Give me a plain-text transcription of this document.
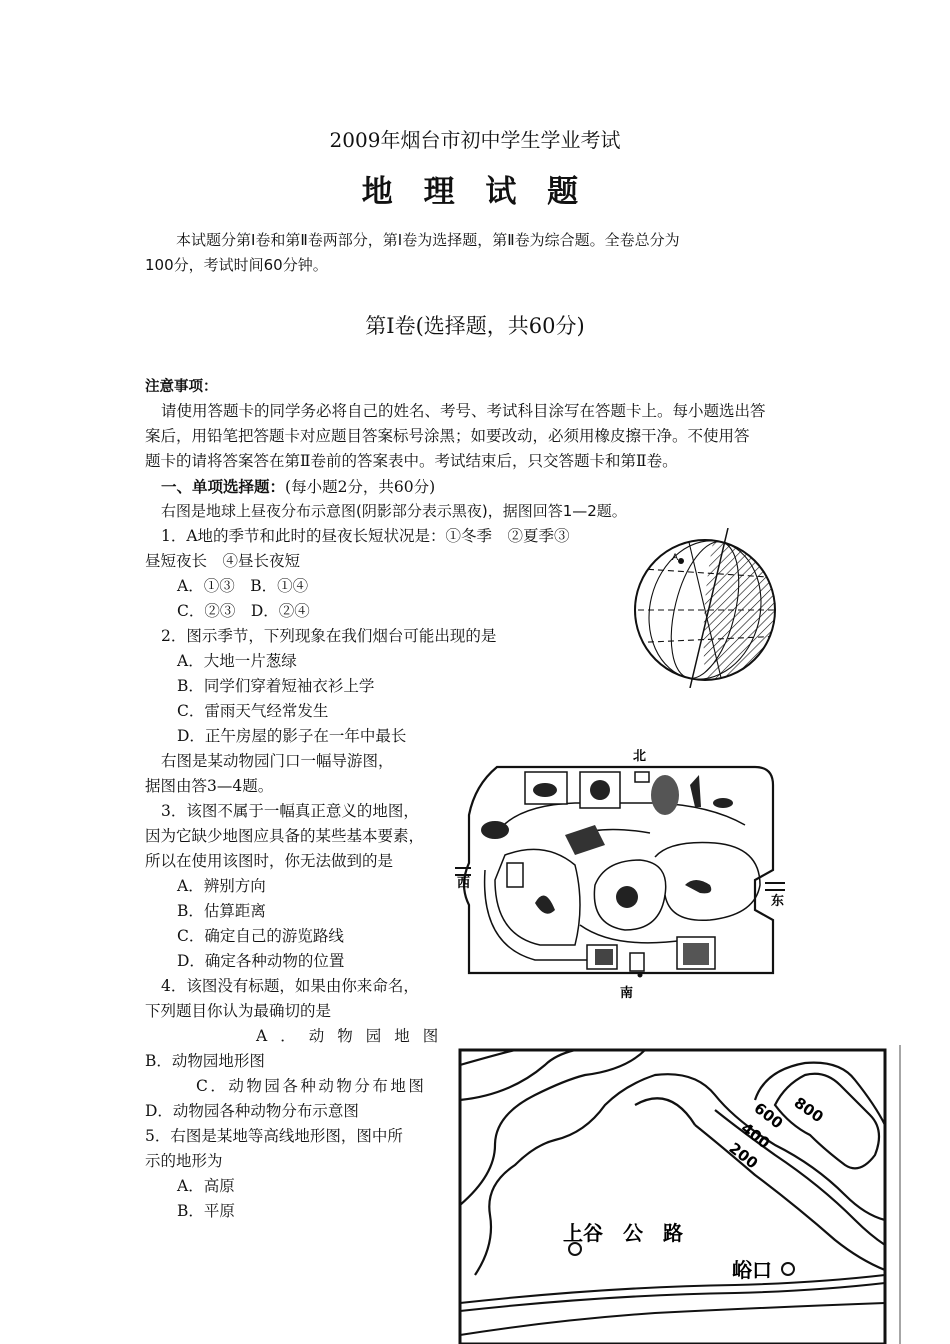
2009年烟台市初中学生学业考试
地 理 试 题
本试题分第Ⅰ卷和第Ⅱ卷两部分，第Ⅰ卷为选择题，第Ⅱ卷为综合题。全卷总分为
100分，考试时间60分钟。
第Ⅰ卷(选择题，共60分)
注意事项：
请使用答题卡的同学务必将自己的姓名、考号、考试科目涂写在答题卡上。每小题选出答
案后，用铅笔把答题卡对应题目答案标号涂黑；如要改动，必须用橡皮擦干净。不使用答
题卡的请将答案答在第Ⅱ卷前的答案表中。考试结束后，只交答题卡和第Ⅱ卷。
一、单项选择题：(每小题2分，共60分)
右图是地球上昼夜分布示意图(阴影部分表示黑夜)，据图回答1—2题。
1．A地的季节和此时的昼夜长短状况是：①冬季　②夏季③
昼短夜长　④昼长夜短
A．①③　B．①④
C．②③　D．②④
2．图示季节，下列现象在我们烟台可能出现的是
A．大地一片葱绿
B．同学们穿着短袖衣衫上学
C．雷雨天气经常发生
D．正午房屋的影子在一年中最长
右图是某动物园门口一幅导游图，
据图由答3—4题。
3．该图不属于一幅真正意义的地图，
因为它缺少地图应具备的某些基本要素，
所以在使用该图时，你无法做到的是
A．辨别方向
B．估算距离
C．确定自己的游览路线
D．确定各种动物的位置
4．该图没有标题，如果由你来命名，
下列题目你认为最确切的是
A．动物园地图
B．动物园地形图
C．动物园各种动物分布地图
D．动物园各种动物分布示意图
5．右图是某地等高线地形图，图中所
示的地形为
A．高原
B．平原
A
北
南
东
西
800
600
400
200
上谷　公　路
峪口
